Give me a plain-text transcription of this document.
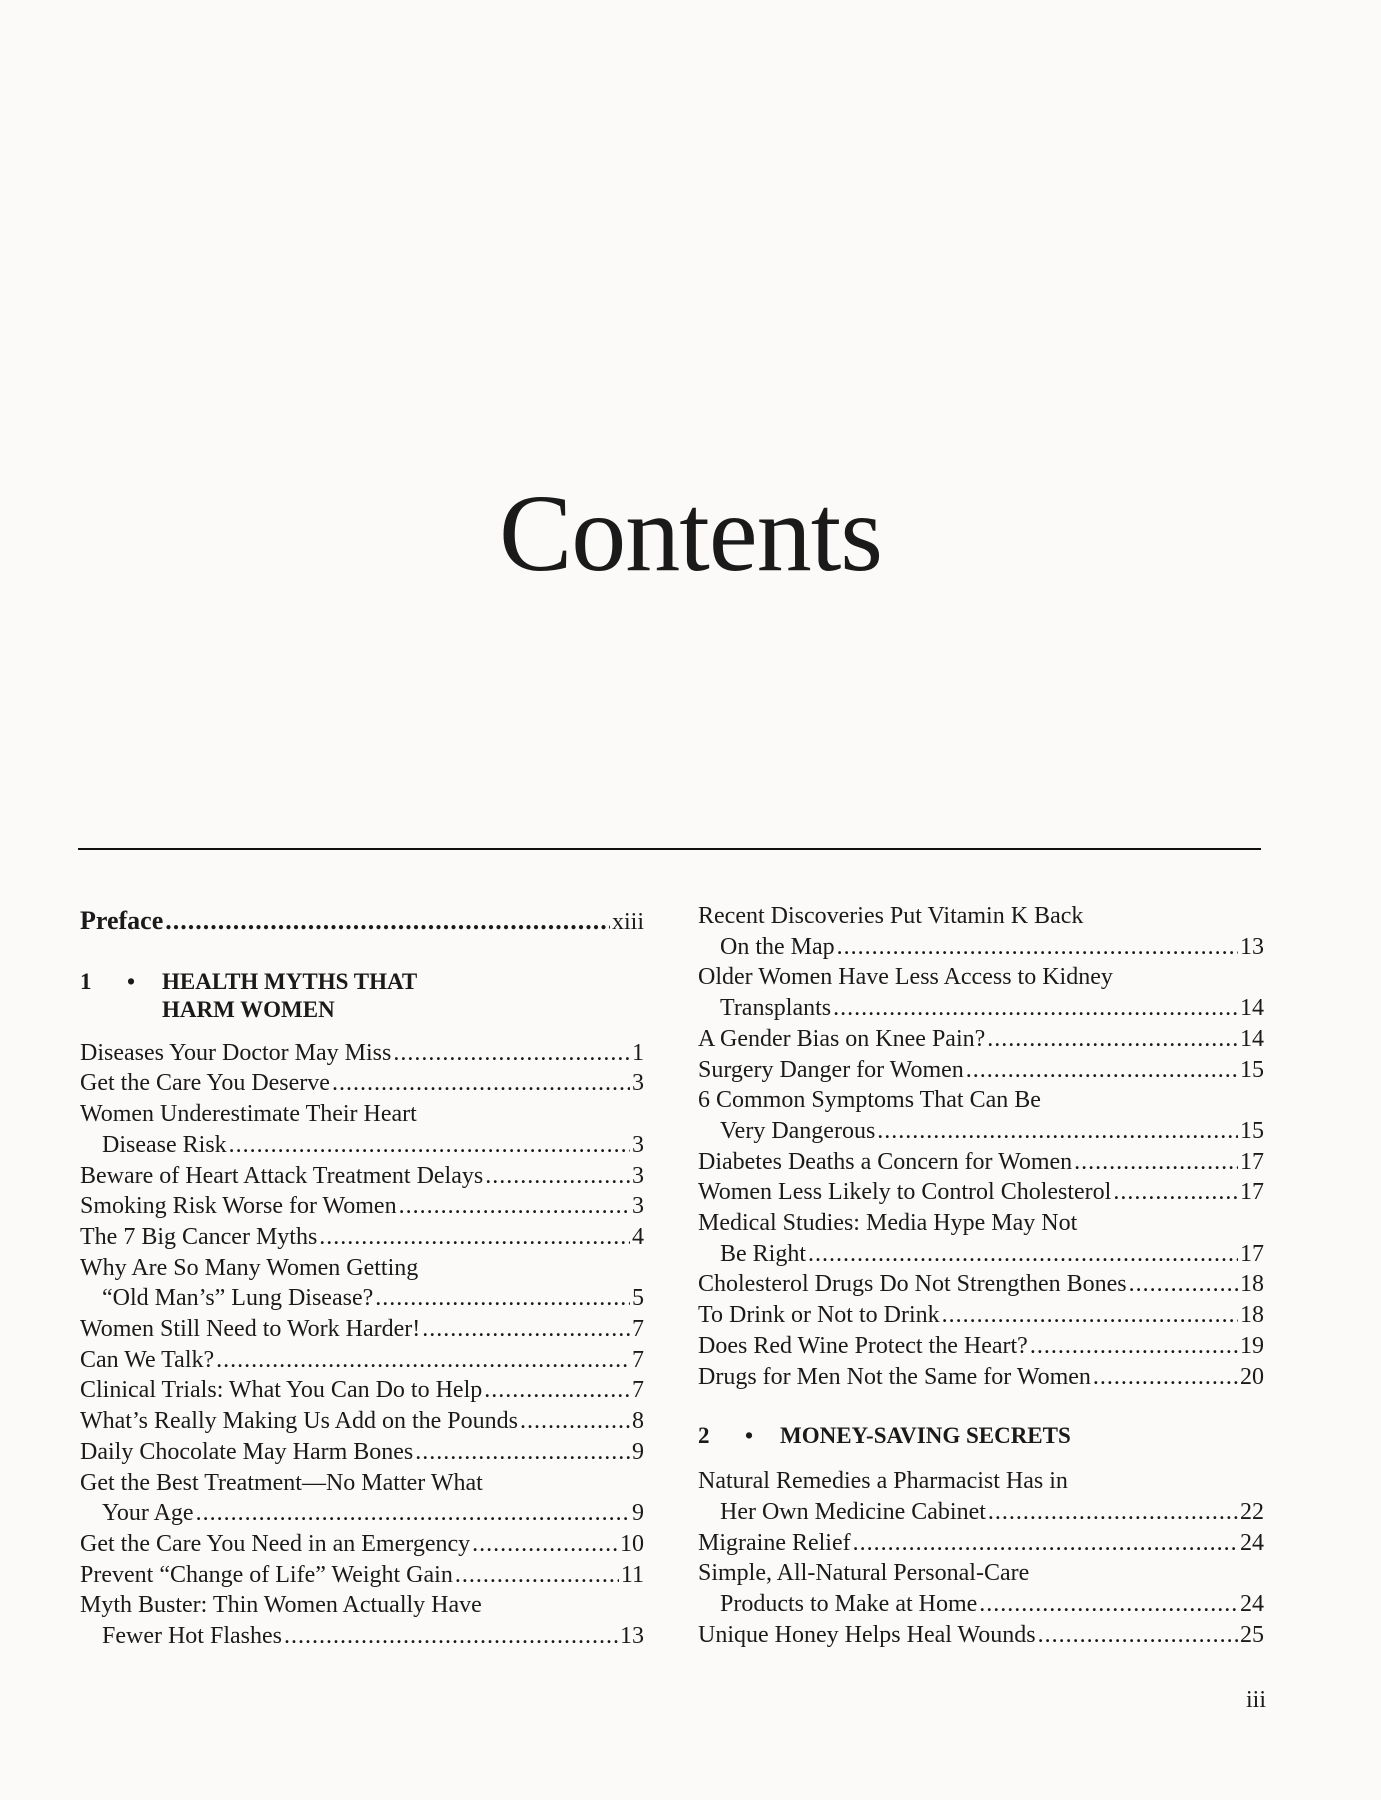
Contents
Preface .....	xiii
1	•	HEALTH MYTHS THAT
HARM WOMEN
Diseases Your Doctor May Miss .....	1
Get the Care You Deserve .....	3
Women Underestimate Their Heart
Disease Risk .....	3
Beware of Heart Attack Treatment Delays .....	3
Smoking Risk Worse for Women .....	3
The 7 Big Cancer Myths .....	4
Why Are So Many Women Getting
“Old Man’s” Lung Disease? .....	5
Women Still Need to Work Harder! .....	7
Can We Talk? .....	7
Clinical Trials: What You Can Do to Help .....	7
What’s Really Making Us Add on the Pounds .....	8
Daily Chocolate May Harm Bones .....	9
Get the Best Treatment—No Matter What
Your Age .....	9
Get the Care You Need in an Emergency .....	10
Prevent “Change of Life” Weight Gain .....	11
Myth Buster: Thin Women Actually Have
Fewer Hot Flashes .....	13
Recent Discoveries Put Vitamin K Back
On the Map .....	13
Older Women Have Less Access to Kidney
Transplants .....	14
A Gender Bias on Knee Pain? .....	14
Surgery Danger for Women .....	15
6 Common Symptoms That Can Be
Very Dangerous .....	15
Diabetes Deaths a Concern for Women .....	17
Women Less Likely to Control Cholesterol .....	17
Medical Studies: Media Hype May Not
Be Right .....	17
Cholesterol Drugs Do Not Strengthen Bones .....	18
To Drink or Not to Drink .....	18
Does Red Wine Protect the Heart? .....	19
Drugs for Men Not the Same for Women .....	20
2	•	MONEY-SAVING SECRETS
Natural Remedies a Pharmacist Has in
Her Own Medicine Cabinet .....	22
Migraine Relief .....	24
Simple, All-Natural Personal-Care
Products to Make at Home .....	24
Unique Honey Helps Heal Wounds .....	25
iii
